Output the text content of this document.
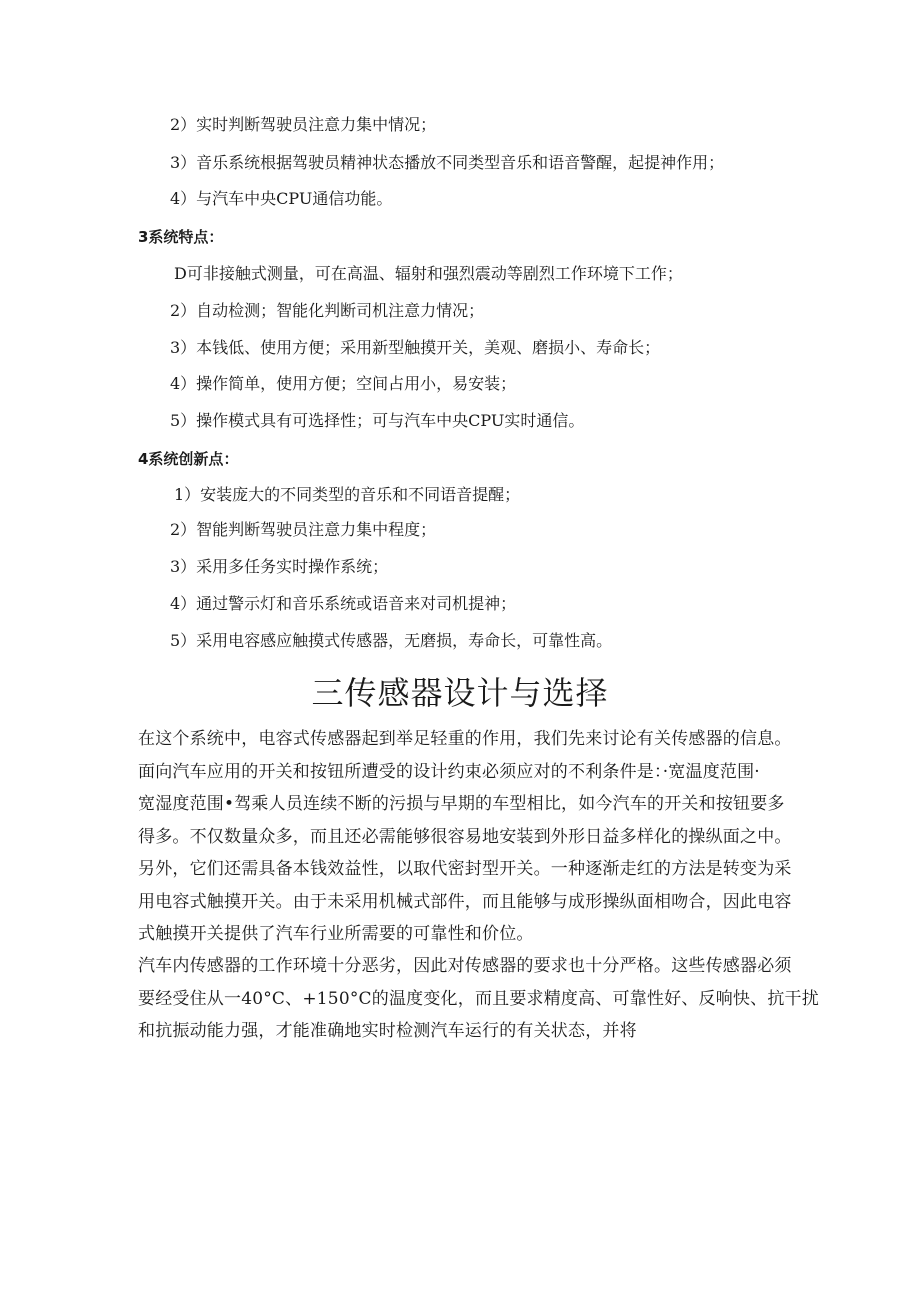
2）实时判断驾驶员注意力集中情况；
3）音乐系统根据驾驶员精神状态播放不同类型音乐和语音警醒，起提神作用；
4）与汽车中央CPU通信功能。
3系统特点：
D可非接触式测量，可在高温、辐射和强烈震动等剧烈工作环境下工作；
2）自动检测；智能化判断司机注意力情况；
3）本钱低、使用方便；采用新型触摸开关，美观、磨损小、寿命长；
4）操作简单，使用方便；空间占用小，易安装；
5）操作模式具有可选择性；可与汽车中央CPU实时通信。
4系统创新点：
1）安装庞大的不同类型的音乐和不同语音提醒；
2）智能判断驾驶员注意力集中程度；
3）采用多任务实时操作系统；
4）通过警示灯和音乐系统或语音来对司机提神；
5）采用电容感应触摸式传感器，无磨损，寿命长，可靠性高。
三传感器设计与选择
在这个系统中，电容式传感器起到举足轻重的作用，我们先来讨论有关传感器的信息。
面向汽车应用的开关和按钮所遭受的设计约束必须应对的不利条件是：·宽温度范围·
宽湿度范围•驾乘人员连续不断的污损与早期的车型相比，如今汽车的开关和按钮要多
得多。不仅数量众多，而且还必需能够很容易地安装到外形日益多样化的操纵面之中。
另外，它们还需具备本钱效益性，以取代密封型开关。一种逐渐走红的方法是转变为采
用电容式触摸开关。由于未采用机械式部件，而且能够与成形操纵面相吻合，因此电容
式触摸开关提供了汽车行业所需要的可靠性和价位。
汽车内传感器的工作环境十分恶劣，因此对传感器的要求也十分严格。这些传感器必须
要经受住从一40°C、+150°C的温度变化，而且要求精度高、可靠性好、反响快、抗干扰
和抗振动能力强，才能准确地实时检测汽车运行的有关状态，并将
